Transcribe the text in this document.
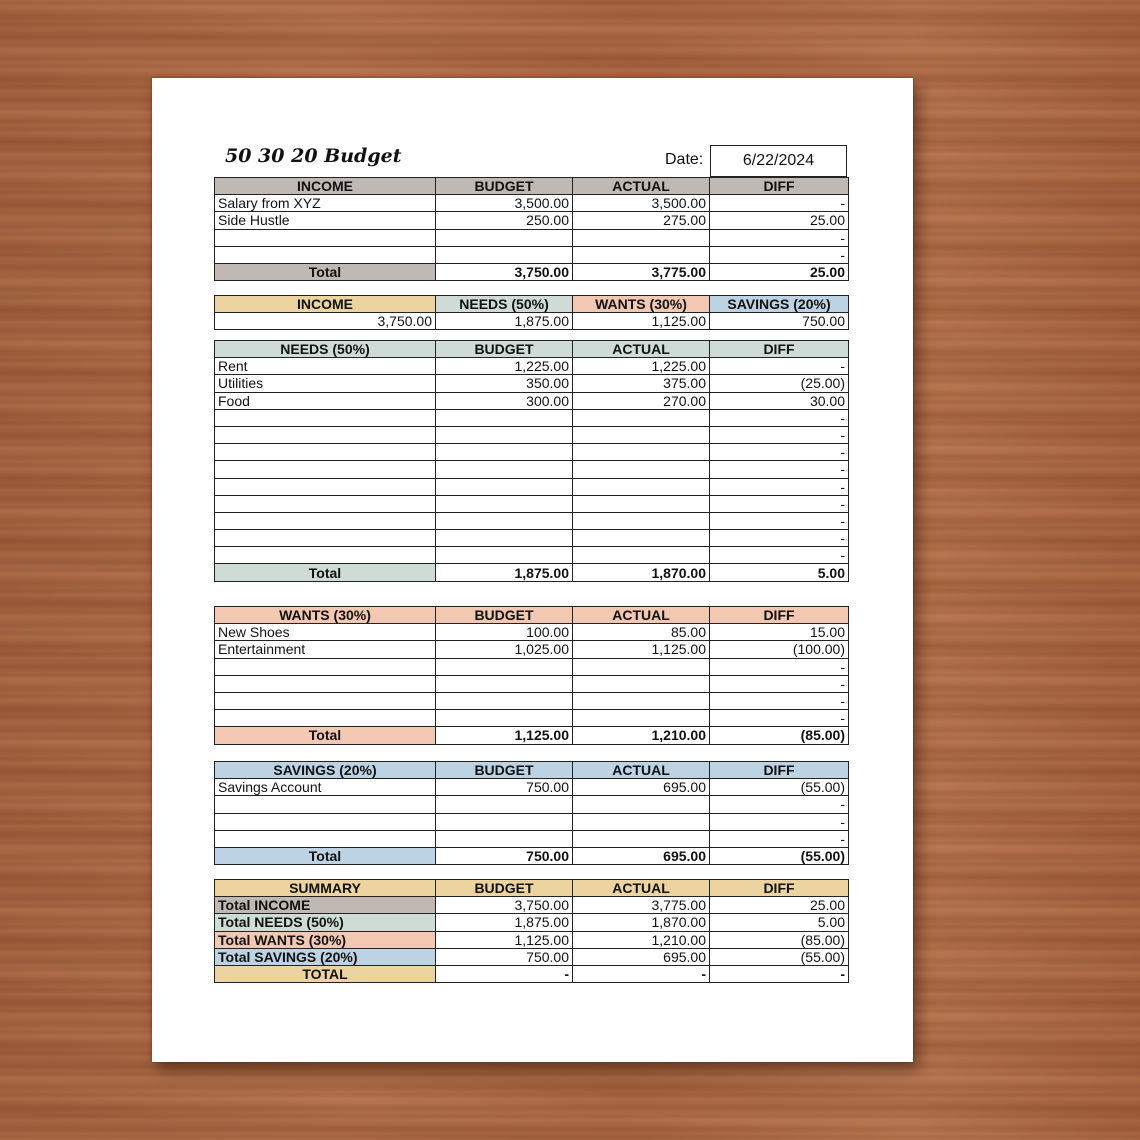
50 30 20 Budget	Date:	6/22/2024
INCOME	BUDGET	ACTUAL	DIFF
Salary from XYZ	3,500.00	3,500.00	-
Side Hustle	250.00	275.00	25.00
			-
			-
Total	3,750.00	3,775.00	25.00
INCOME	NEEDS (50%)	WANTS (30%)	SAVINGS (20%)
3,750.00	1,875.00	1,125.00	750.00
NEEDS (50%)	BUDGET	ACTUAL	DIFF
Rent	1,225.00	1,225.00	-
Utilities	350.00	375.00	(25.00)
Food	300.00	270.00	30.00
			-
			-
			-
			-
			-
			-
			-
			-
			-
Total	1,875.00	1,870.00	5.00
WANTS (30%)	BUDGET	ACTUAL	DIFF
New Shoes	100.00	85.00	15.00
Entertainment	1,025.00	1,125.00	(100.00)
			-
			-
			-
			-
Total	1,125.00	1,210.00	(85.00)
SAVINGS (20%)	BUDGET	ACTUAL	DIFF
Savings Account	750.00	695.00	(55.00)
			-
			-
			-
Total	750.00	695.00	(55.00)
SUMMARY	BUDGET	ACTUAL	DIFF
Total INCOME	3,750.00	3,775.00	25.00
Total NEEDS (50%)	1,875.00	1,870.00	5.00
Total WANTS (30%)	1,125.00	1,210.00	(85.00)
Total SAVINGS (20%)	750.00	695.00	(55.00)
TOTAL	-	-	-
